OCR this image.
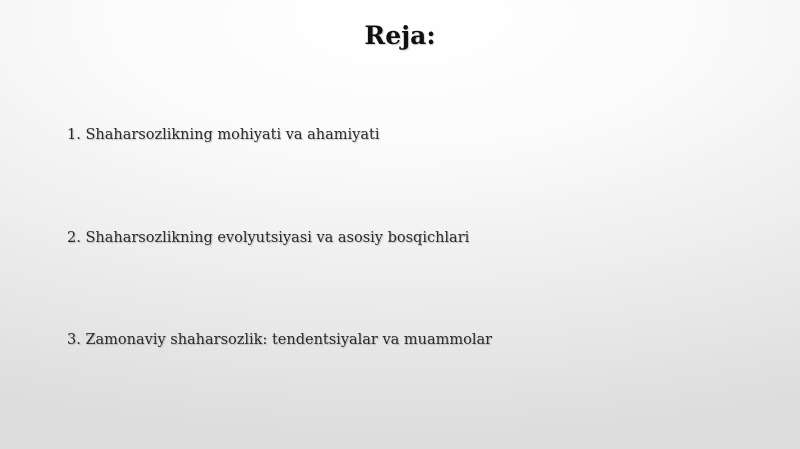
Reja:
1. Shaharsozlikning mohiyati va ahamiyati
2. Shaharsozlikning evolyutsiyasi va asosiy bosqichlari
3. Zamonaviy shaharsozlik: tendentsiyalar va muammolar
